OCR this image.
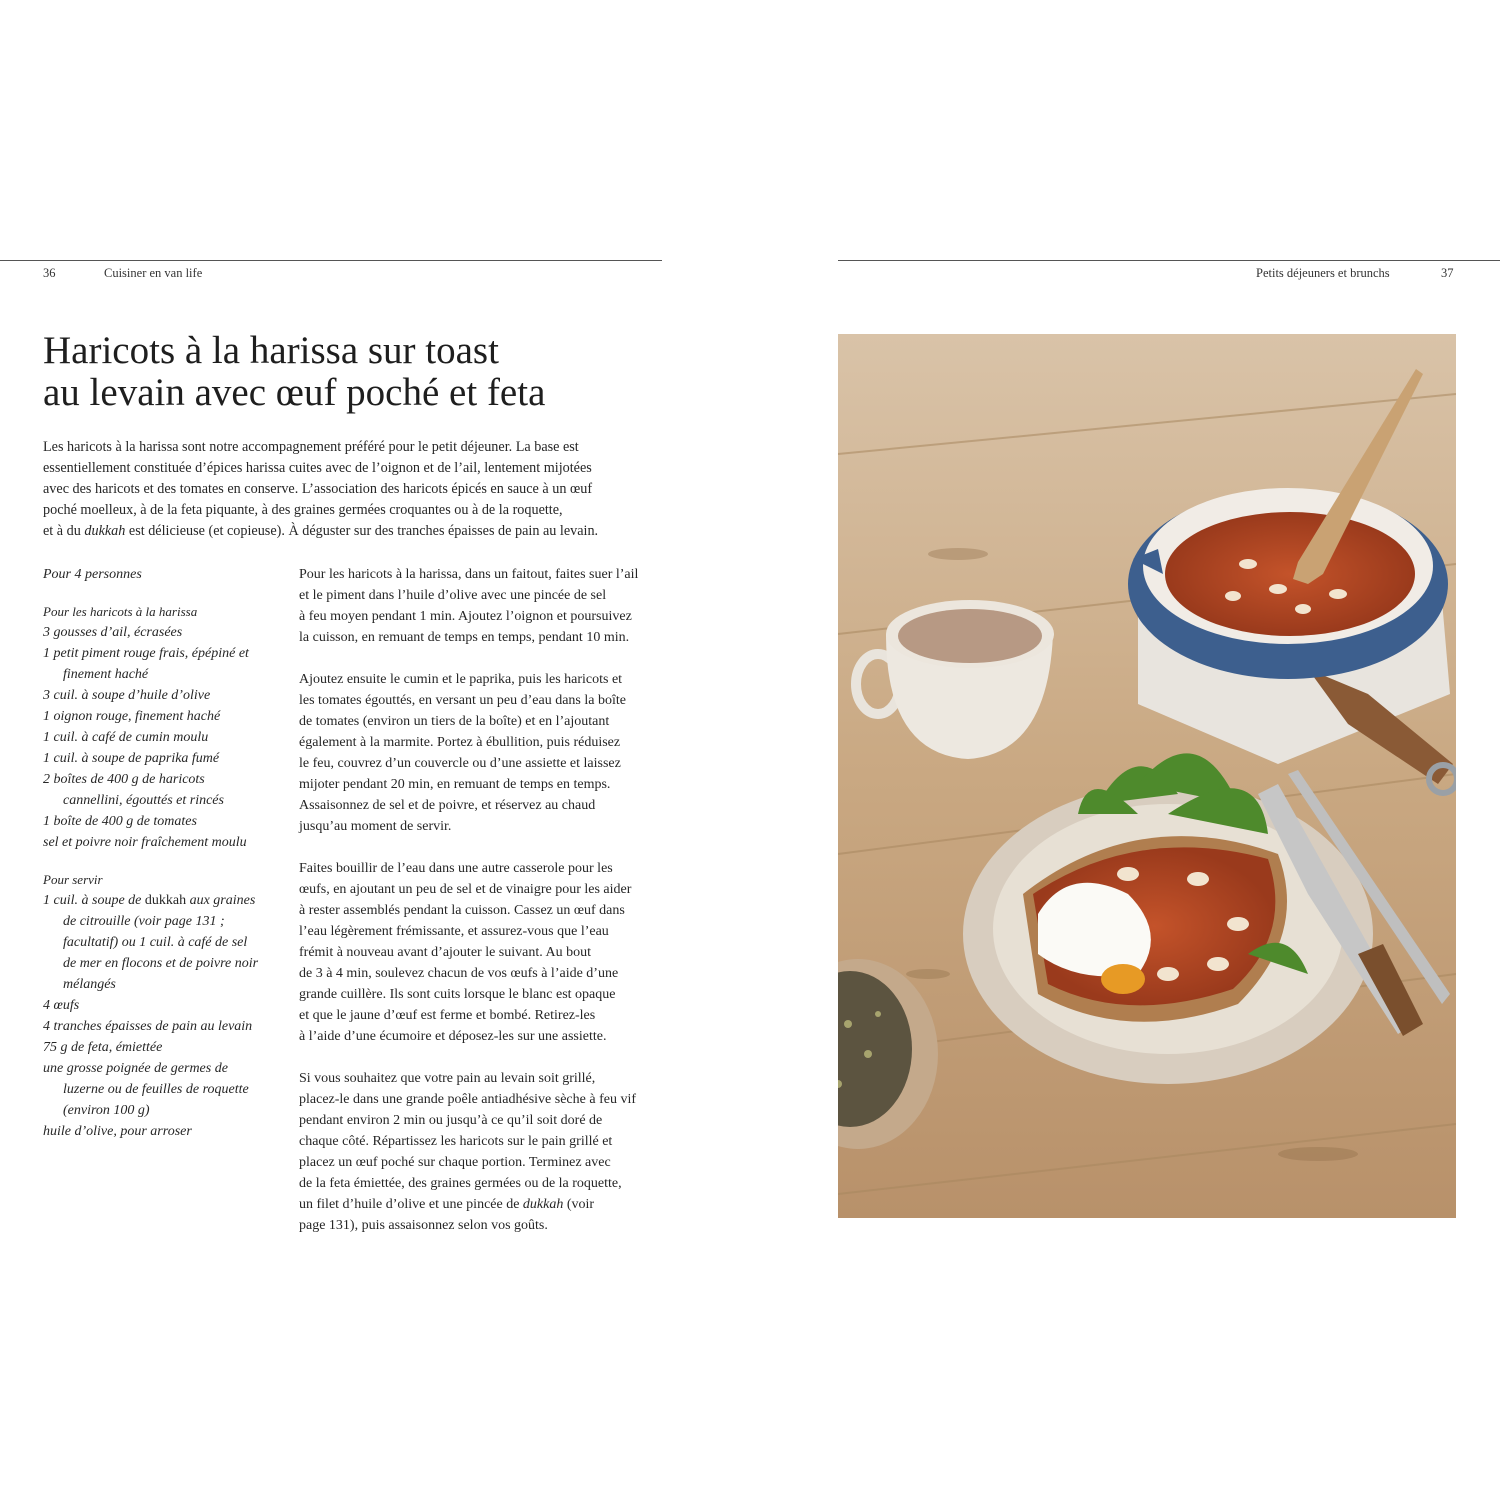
36	Cuisiner en van life	Petits déjeuners et brunchs	37
Haricots à la harissa sur toast
au levain avec œuf poché et feta

Les haricots à la harissa sont notre accompagnement préféré pour le petit déjeuner. La base est
essentiellement constituée d’épices harissa cuites avec de l’oignon et de l’ail, lentement mijotées
avec des haricots et des tomates en conserve. L’association des haricots épicés en sauce à un œuf
poché moelleux, à de la feta piquante, à des graines germées croquantes ou à de la roquette,
et à du dukkah est délicieuse (et copieuse). À déguster sur des tranches épaisses de pain au levain.

Pour 4 personnes
Pour les haricots à la harissa
3 gousses d’ail, écrasées
1 petit piment rouge frais, épépiné et
finement haché
3 cuil. à soupe d’huile d’olive
1 oignon rouge, finement haché
1 cuil. à café de cumin moulu
1 cuil. à soupe de paprika fumé
2 boîtes de 400 g de haricots
cannellini, égouttés et rincés
1 boîte de 400 g de tomates
sel et poivre noir fraîchement moulu
Pour servir
1 cuil. à soupe de dukkah aux graines
de citrouille (voir page 131 ;
facultatif) ou 1 cuil. à café de sel
de mer en flocons et de poivre noir
mélangés
4 œufs
4 tranches épaisses de pain au levain
75 g de feta, émiettée
une grosse poignée de germes de
luzerne ou de feuilles de roquette
(environ 100 g)
huile d’olive, pour arroser

Pour les haricots à la harissa, dans un faitout, faites suer l’ail
et le piment dans l’huile d’olive avec une pincée de sel
à feu moyen pendant 1 min. Ajoutez l’oignon et poursuivez
la cuisson, en remuant de temps en temps, pendant 10 min.

Ajoutez ensuite le cumin et le paprika, puis les haricots et
les tomates égouttés, en versant un peu d’eau dans la boîte
de tomates (environ un tiers de la boîte) et en l’ajoutant
également à la marmite. Portez à ébullition, puis réduisez
le feu, couvrez d’un couvercle ou d’une assiette et laissez
mijoter pendant 20 min, en remuant de temps en temps.
Assaisonnez de sel et de poivre, et réservez au chaud
jusqu’au moment de servir.

Faites bouillir de l’eau dans une autre casserole pour les
œufs, en ajoutant un peu de sel et de vinaigre pour les aider
à rester assemblés pendant la cuisson. Cassez un œuf dans
l’eau légèrement frémissante, et assurez-vous que l’eau
frémit à nouveau avant d’ajouter le suivant. Au bout
de 3 à 4 min, soulevez chacun de vos œufs à l’aide d’une
grande cuillère. Ils sont cuits lorsque le blanc est opaque
et que le jaune d’œuf est ferme et bombé. Retirez-les
à l’aide d’une écumoire et déposez-les sur une assiette.

Si vous souhaitez que votre pain au levain soit grillé,
placez-le dans une grande poêle antiadhésive sèche à feu vif
pendant environ 2 min ou jusqu’à ce qu’il soit doré de
chaque côté. Répartissez les haricots sur le pain grillé et
placez un œuf poché sur chaque portion. Terminez avec
de la feta émiettée, des graines germées ou de la roquette,
un filet d’huile d’olive et une pincée de dukkah (voir
page 131), puis assaisonnez selon vos goûts.
